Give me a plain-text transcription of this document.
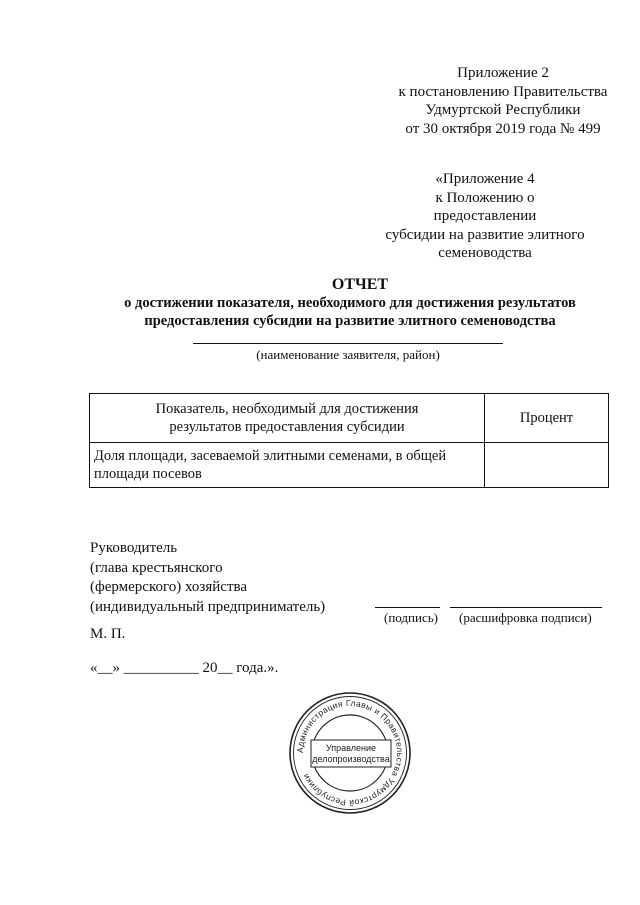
Приложение 2
к постановлению Правительства
Удмуртской Республики
от 30 октября 2019 года № 499
«Приложение 4
к Положению о предоставлении
субсидии на развитие элитного
семеноводства
ОТЧЕТ
о достижении показателя, необходимого для достижения результатов
предоставления субсидии на развитие элитного семеноводства
(наименование заявителя, район)
Показатель, необходимый для достижения
результатов предоставления субсидии	Процент
Доля площади, засеваемой элитными семенами, в общей площади посевов	
Руководитель
(глава крестьянского
(фермерского) хозяйства
(индивидуальный предприниматель)
(подпись) (расшифровка подписи)
М. П.
«__» __________ 20__ года.».
Администрация Главы и Правительства Удмуртской Республики
Управление
делопроизводства
